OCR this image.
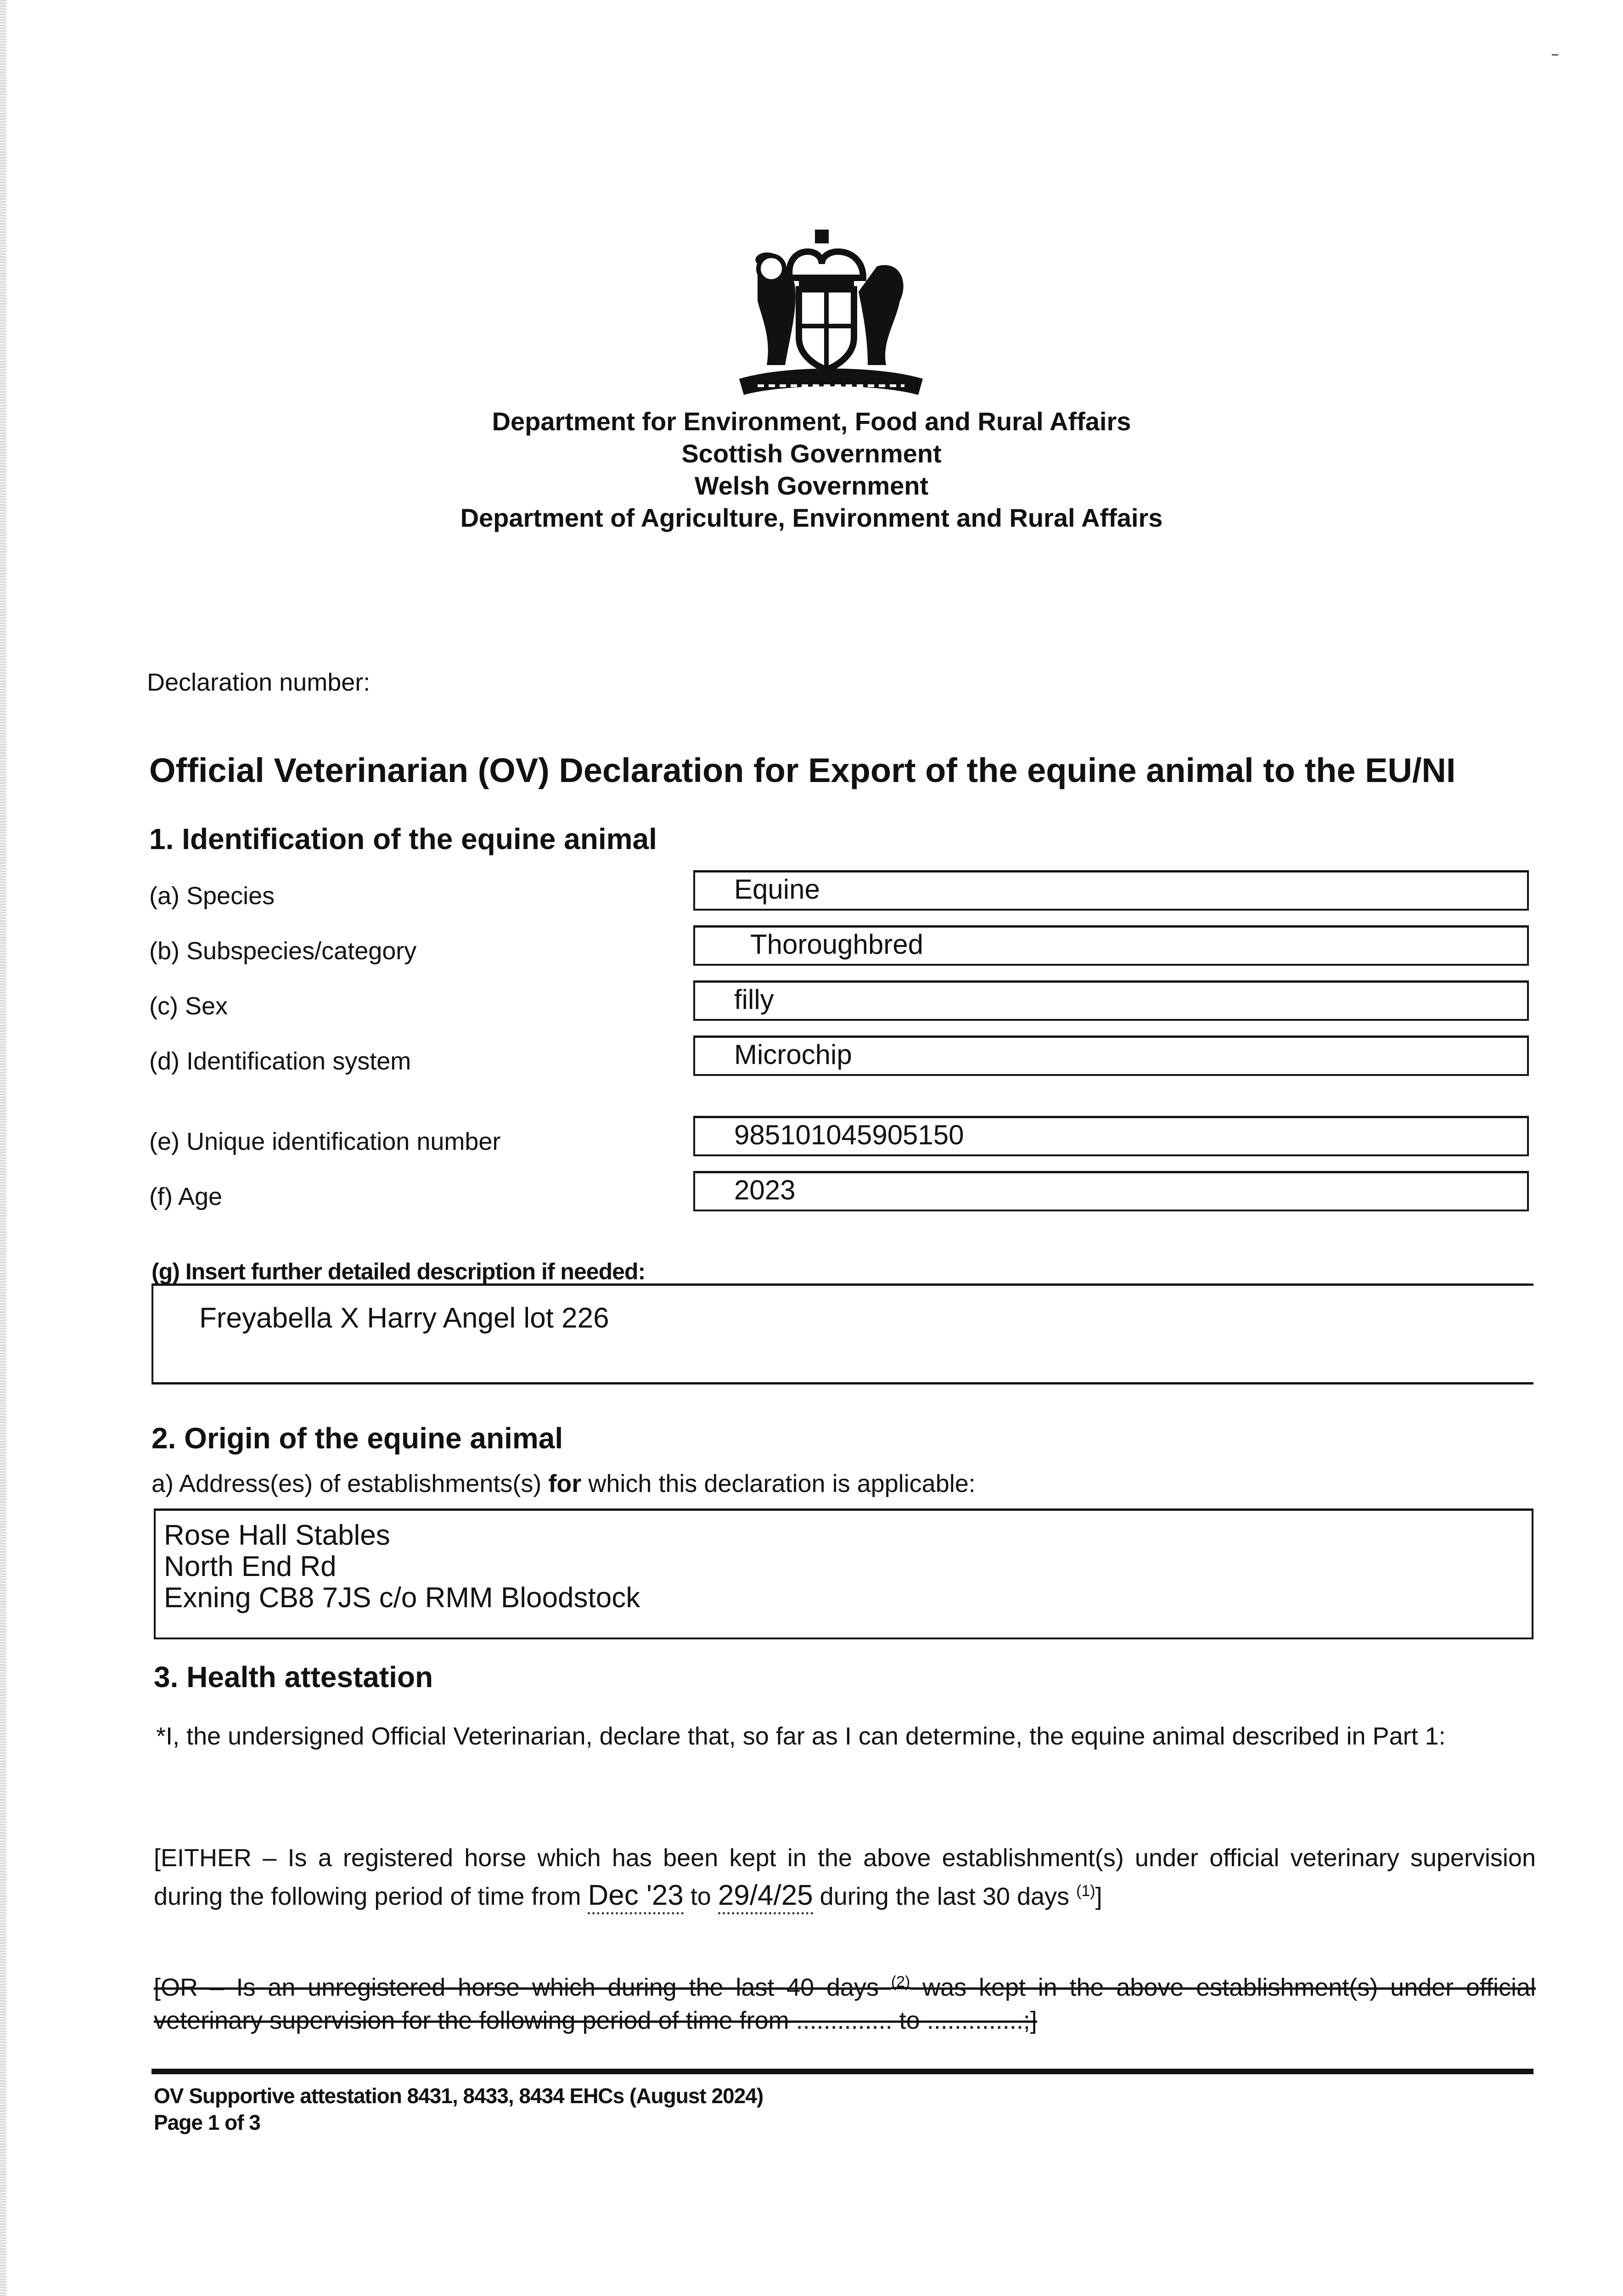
Department for Environment, Food and Rural Affairs
Scottish Government
Welsh Government
Department of Agriculture, Environment and Rural Affairs
Declaration number:
Official Veterinarian (OV) Declaration for Export of the equine animal to the EU/NI
1. Identification of the equine animal
(a) Species	Equine
(b) Subspecies/category	Thoroughbred
(c) Sex	filly
(d) Identification system	Microchip
(e) Unique identification number	985101045905150
(f) Age	2023
(g) Insert further detailed description if needed:
Freyabella X Harry Angel lot 226
2. Origin of the equine animal
a) Address(es) of establishments(s) for which this declaration is applicable:
Rose Hall Stables
North End Rd
Exning CB8 7JS c/o RMM Bloodstock
3. Health attestation
*I, the undersigned Official Veterinarian, declare that, so far as I can determine, the equine animal described in Part 1:
[EITHER – Is a registered horse which has been kept in the above establishment(s) under official veterinary supervision during the following period of time from Dec '23 to 29/4/25 during the last 30 days $^{(1)}$]
[OR – Is an unregistered horse which during the last 40 days $^{(2)}$ was kept in the above establishment(s) under official veterinary supervision for the following period of time from .............. to ..............;]
OV Supportive attestation 8431, 8433, 8434 EHCs (August 2024)
Page 1 of 3
